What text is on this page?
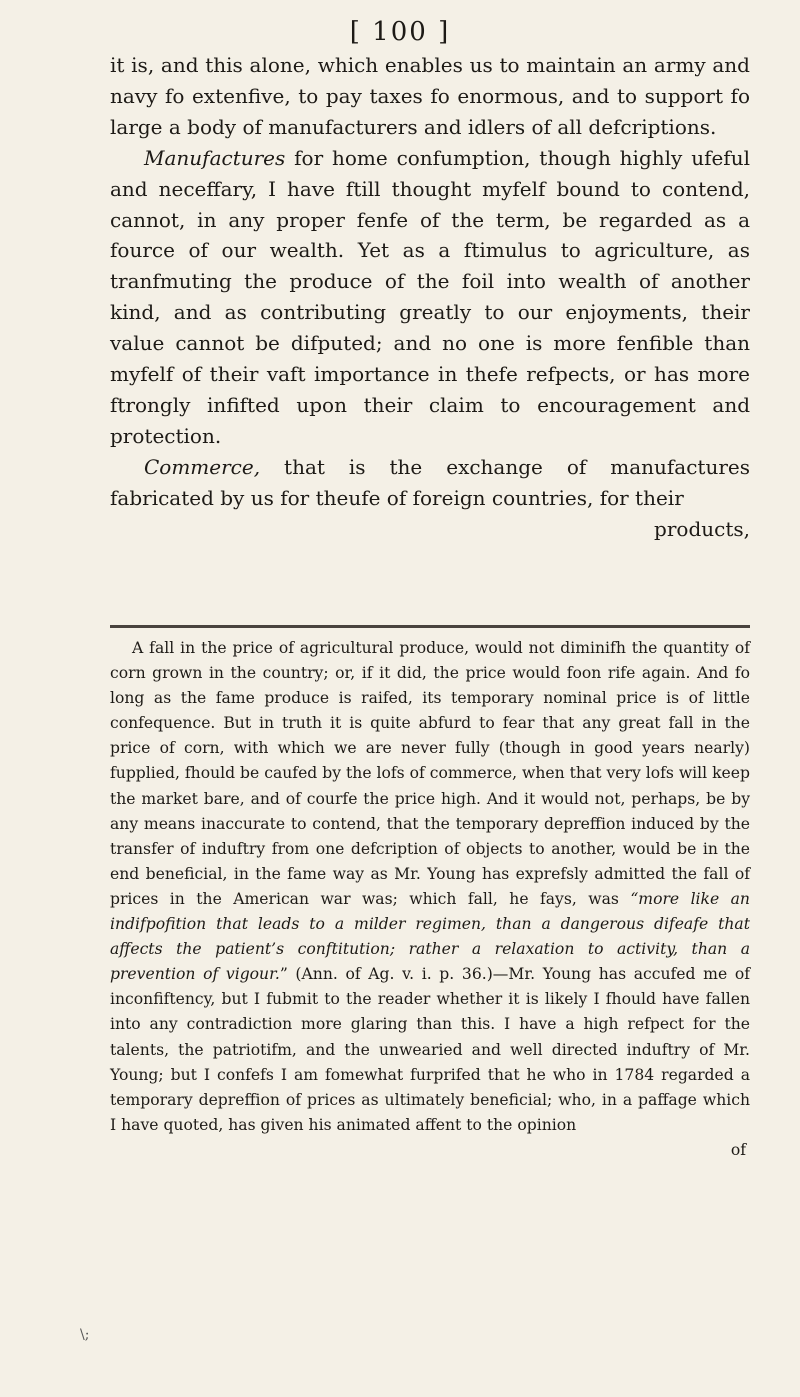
[ 100 ]

it is, and this alone, which enables us to maintain an army and navy fo extenfive, to pay taxes fo enormous, and to support fo large a body of manufacturers and idlers of all defcriptions.

Manufactures for home confumption, though highly ufeful and neceffary, I have ftill thought myfelf bound to contend, cannot, in any proper fenfe of the term, be regarded as a fource of our wealth. Yet as a ftimulus to agriculture, as tranfmuting the produce of the foil into wealth of another kind, and as contributing greatly to our enjoyments, their value cannot be difputed; and no one is more fenfible than myfelf of their vaft importance in thefe refpects, or has more ftrongly infifted upon their claim to encouragement and protection.

Commerce, that is the exchange of manufactures fabricated by us for theufe of foreign countries, for their

products,

A fall in the price of agricultural produce, would not diminifh the quantity of corn grown in the country; or, if it did, the price would foon rife again. And fo long as the fame produce is raifed, its temporary nominal price is of little confequence. But in truth it is quite abfurd to fear that any great fall in the price of corn, with which we are never fully (though in good years nearly) fupplied, fhould be caufed by the lofs of commerce, when that very lofs will keep the market bare, and of courfe the price high. And it would not, perhaps, be by any means inaccurate to contend, that the temporary depreffion induced by the transfer of induftry from one defcription of objects to another, would be in the end beneficial, in the fame way as Mr. Young has exprefsly admitted the fall of prices in the American war was; which fall, he fays, was “more like an indifpofition that leads to a milder regimen, than a dangerous difeafe that affects the patient’s conftitution; rather a relaxation to activity, than a prevention of vigour.” (Ann. of Ag. v. i. p. 36.)—Mr. Young has accufed me of inconfiftency, but I fubmit to the reader whether it is likely I fhould have fallen into any contradiction more glaring than this. I have a high refpect for the talents, the patriotifm, and the unwearied and well directed induftry of Mr. Young; but I confefs I am fomewhat furprifed that he who in 1784 regarded a temporary depreffion of prices as ultimately beneficial; who, in a paffage which I have quoted, has given his animated affent to the opinion

of

\;
